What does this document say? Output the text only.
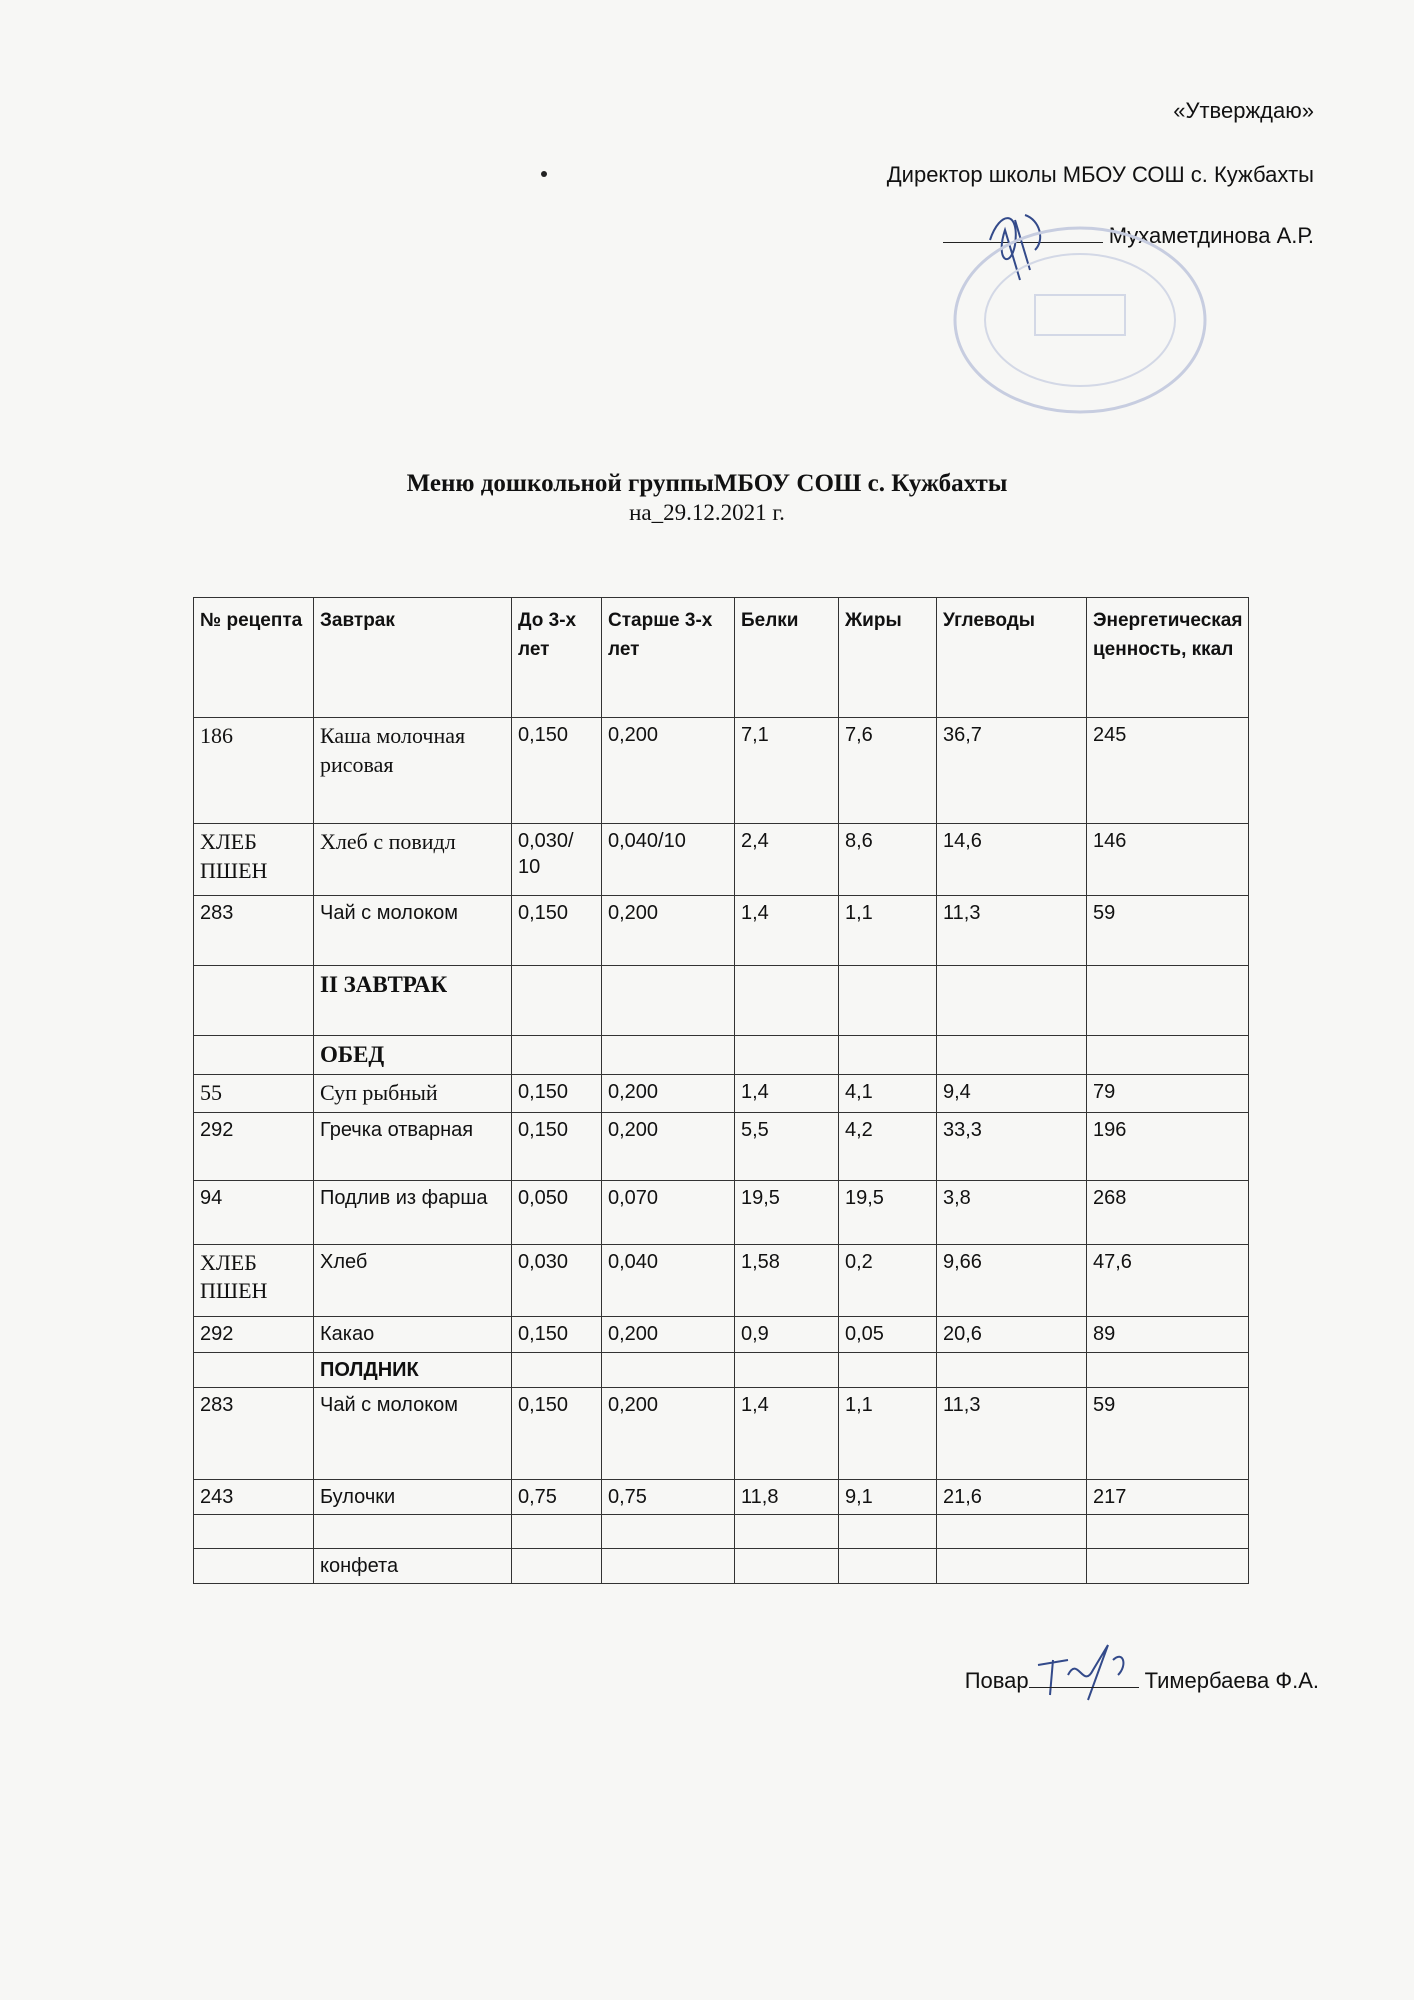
«Утверждаю»
Директор школы МБОУ СОШ с. Кужбахты
Мухаметдинова А.Р.
Меню дошкольной группыМБОУ СОШ с. Кужбахты
на_29.12.2021 г.
№ рецепта	Завтрак	До 3-х лет	Старше 3-х лет	Белки	Жиры	Углеводы	Энергетическая ценность, ккал
186	Каша молочная рисовая	0,150	0,200	7,1	7,6	36,7	245
ХЛЕБ ПШЕН	Хлеб с повидл	0,030/ 10	0,040/10	2,4	8,6	14,6	146
283	Чай с молоком	0,150	0,200	1,4	1,1	11,3	59
	II ЗАВТРАК						
	ОБЕД						
55	Суп рыбный	0,150	0,200	1,4	4,1	9,4	79
292	Гречка отварная	0,150	0,200	5,5	4,2	33,3	196
94	Подлив из фарша	0,050	0,070	19,5	19,5	3,8	268
ХЛЕБ ПШЕН	Хлеб	0,030	0,040	1,58	0,2	9,66	47,6
292	Какао	0,150	0,200	0,9	0,05	20,6	89
	ПОЛДНИК						
283	Чай с молоком	0,150	0,200	1,4	1,1	11,3	59
243	Булочки	0,75	0,75	11,8	9,1	21,6	217

	конфета						
Повар	Тимербаева Ф.А.
